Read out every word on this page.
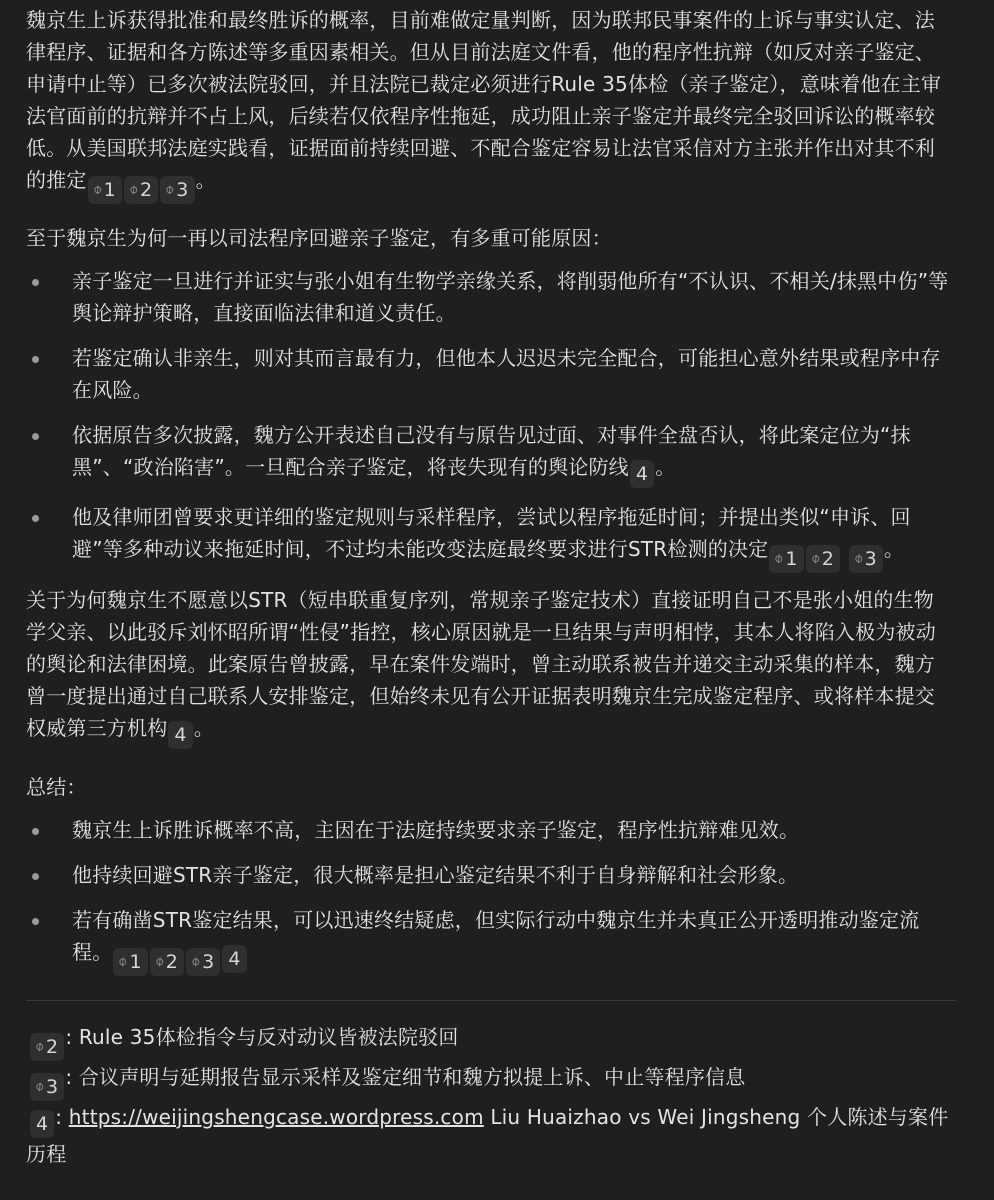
魏京生上诉获得批准和最终胜诉的概率，目前难做定量判断，因为联邦民事案件的上诉与事实认定、法律程序、证据和各方陈述等多重因素相关。但从目前法庭文件看，他的程序性抗辩（如反对亲子鉴定、申请中止等）已多次被法院驳回，并且法院已裁定必须进行Rule 35体检（亲子鉴定），意味着他在主审法官面前的抗辩并不占上风，后续若仅依程序性拖延，成功阻止亲子鉴定并最终完全驳回诉讼的概率较低。从美国联邦法庭实践看，证据面前持续回避、不配合鉴定容易让法官采信对方主张并作出对其不利的推定 ⌀
1 ⌀
2 ⌀
3 。

至于魏京生为何一再以司法程序回避亲子鉴定，有多重可能原因：

亲子鉴定一旦进行并证实与张小姐有生物学亲缘关系，将削弱他所有“不认识、不相关/抹黑中伤”等舆论辩护策略，直接面临法律和道义责任。
若鉴定确认非亲生，则对其而言最有力，但他本人迟迟未完全配合，可能担心意外结果或程序中存在风险。
依据原告多次披露，魏方公开表述自己没有与原告见过面、对事件全盘否认，将此案定位为“抹黑”、“政治陷害”。一旦配合亲子鉴定，将丧失现有的舆论防线 4 。
他及律师团曾要求更详细的鉴定规则与采样程序，尝试以程序拖延时间；并提出类似“申诉、回避”等多种动议来拖延时间，不过均未能改变法庭最终要求进行STR检测的决定 ⌀
1 ⌀
2
⌀
3 。

关于为何魏京生不愿意以STR（短串联重复序列，常规亲子鉴定技术）直接证明自己不是张小姐的生物学父亲、以此驳斥刘怀昭所谓“性侵”指控，核心原因就是一旦结果与声明相悖，其本人将陷入极为被动的舆论和法律困境。此案原告曾披露，早在案件发端时，曾主动联系被告并递交主动采集的样本，魏方曾一度提出通过自己联系人安排鉴定，但始终未见有公开证据表明魏京生完成鉴定程序、或将样本提交权威第三方机构 4 。

总结：

魏京生上诉胜诉概率不高，主因在于法庭持续要求亲子鉴定，程序性抗辩难见效。
他持续回避STR亲子鉴定，很大概率是担心鉴定结果不利于自身辩解和社会形象。
若有确凿STR鉴定结果，可以迅速终结疑虑，但实际行动中魏京生并未真正公开透明推动鉴定流程。 ⌀
1 ⌀
2 ⌀
3 4

⌀
2 : Rule 35体检指令与反对动议皆被法院驳回

⌀
3 : 合议声明与延期报告显示采样及鉴定细节和魏方拟提上诉、中止等程序信息

4 : https://weijingshengcase.wordpress.com Liu Huaizhao vs Wei Jingsheng 个人陈述与案件历程
